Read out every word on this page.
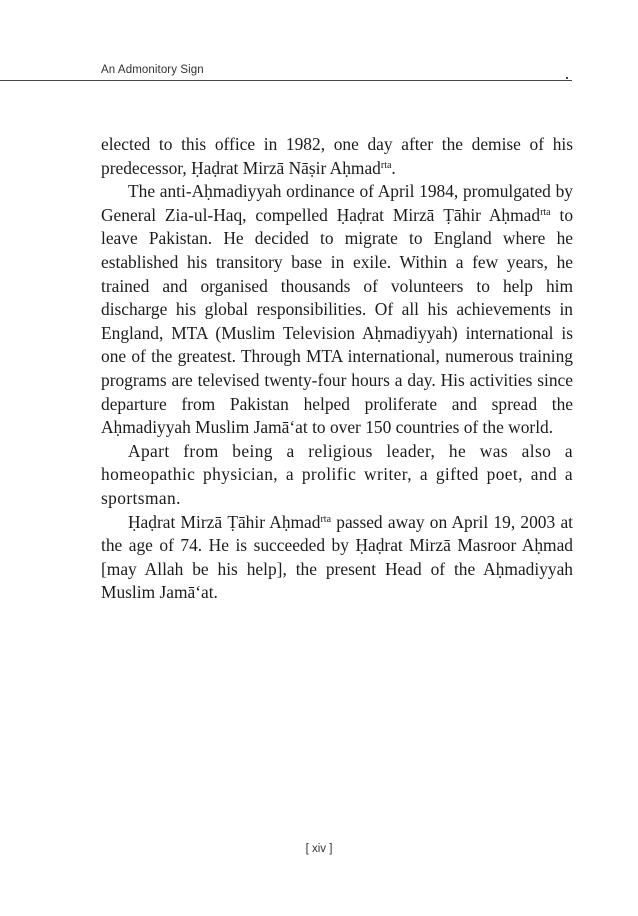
An Admonitory Sign

elected to this office in 1982, one day after the demise of his predecessor, Ḥaḍrat Mirzā Nāṣir Aḥmad$^{rta}$.

The anti-Aḥmadiyyah ordinance of April 1984, promulgated by General Zia-ul-Haq, compelled Ḥaḍrat Mirzā Ṭāhir Aḥmad$^{rta}$ to leave Pakistan. He decided to migrate to England where he established his transitory base in exile. Within a few years, he trained and organised thousands of volunteers to help him discharge his global responsibilities. Of all his achievements in England, MTA (Muslim Television Aḥmadiyyah) international is one of the greatest. Through MTA international, numerous training programs are televised twenty-four hours a day. His activities since departure from Pakistan helped proliferate and spread the Aḥmadiyyah Muslim Jamā‘at to over 150 countries of the world.

Apart from being a religious leader, he was also a homeopathic physician, a prolific writer, a gifted poet, and a sportsman.

Ḥaḍrat Mirzā Ṭāhir Aḥmad$^{rta}$ passed away on April 19, 2003 at the age of 74. He is succeeded by Ḥaḍrat Mirzā Masroor Aḥmad [may Allah be his help], the present Head of the Aḥmadiyyah Muslim Jamā‘at.

[ xiv ]
